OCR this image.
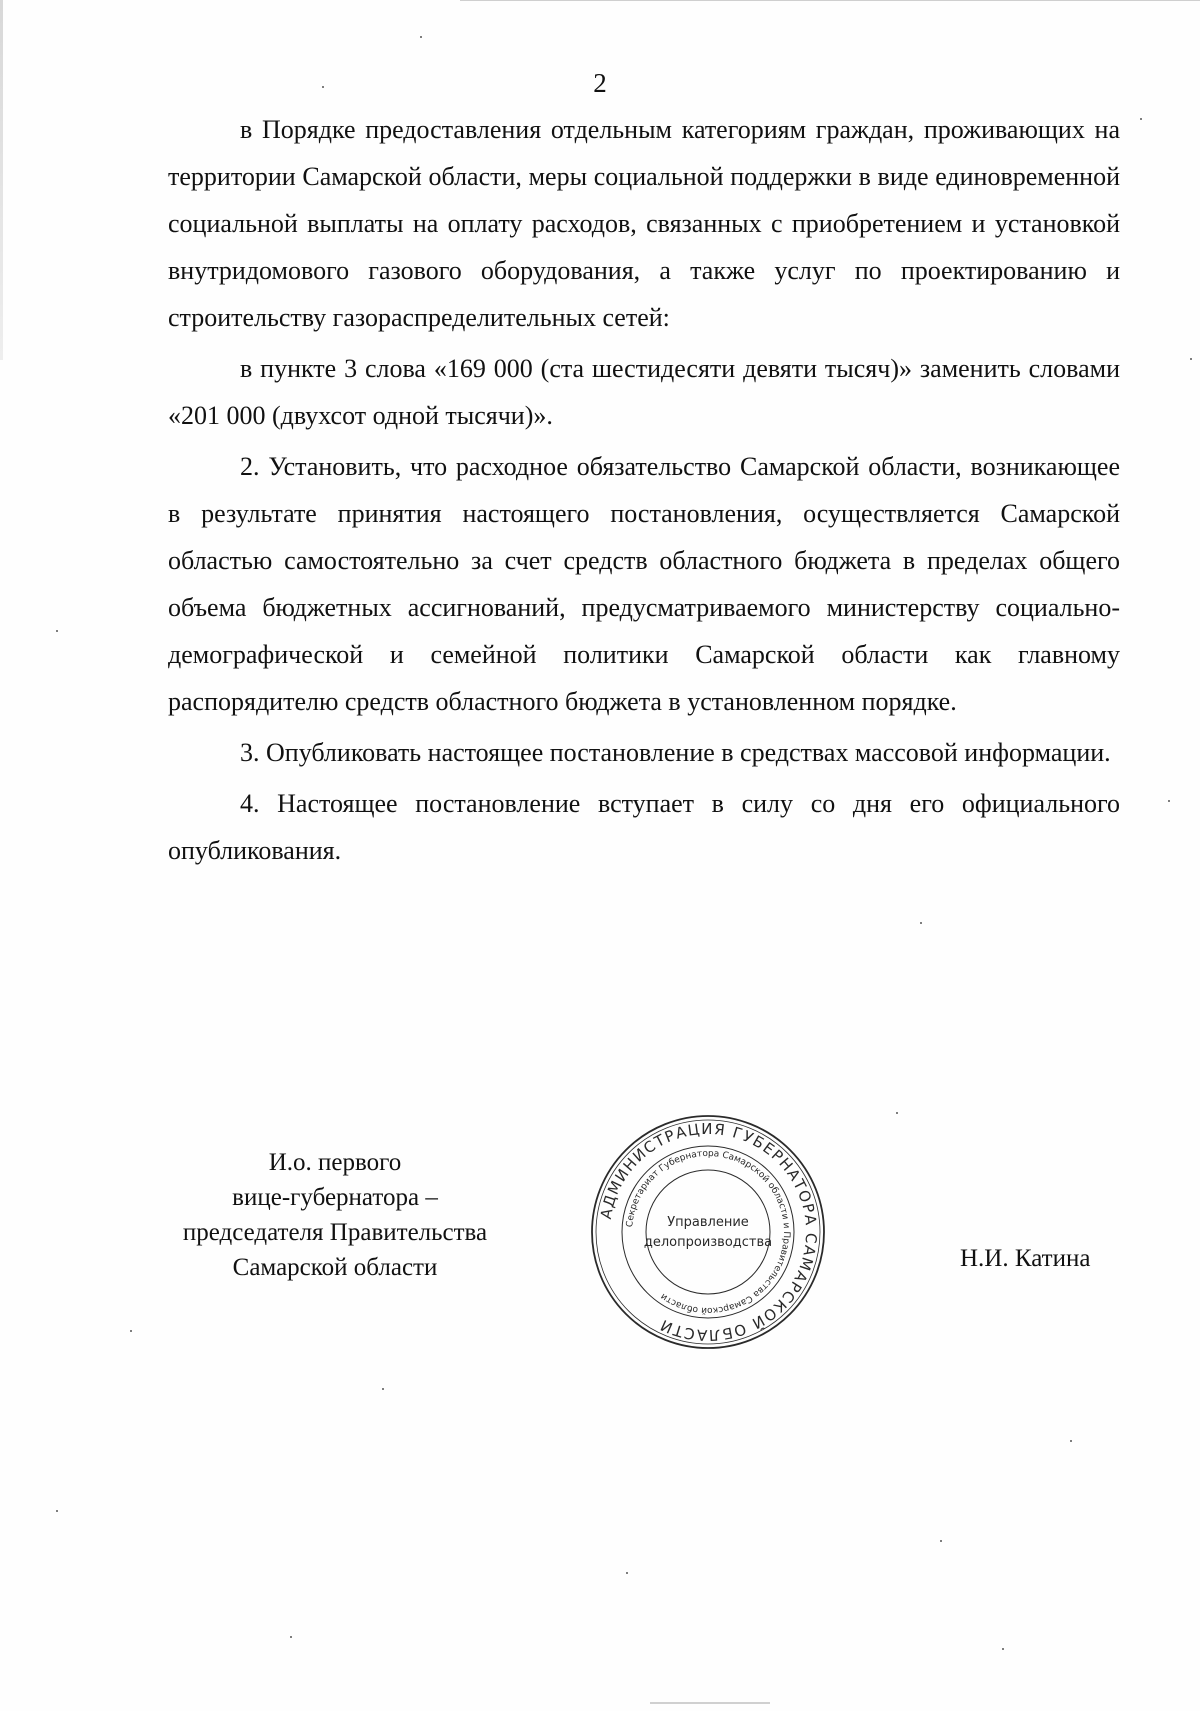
2

в Порядке предоставления отдельным категориям граждан, проживающих на территории Самарской области, меры социальной поддержки в виде единовременной социальной выплаты на оплату расходов, связанных с приобретением и установкой внутридомового газового оборудования, а также услуг по проектированию и строительству газораспределительных сетей:

в пункте 3 слова «169 000 (ста шестидесяти девяти тысяч)» заменить словами «201 000 (двухсот одной тысячи)».

2. Установить, что расходное обязательство Самарской области, возникающее в результате принятия настоящего постановления, осуществляется Самарской областью самостоятельно за счет средств областного бюджета в пределах общего объема бюджетных ассигнований, предусматриваемого министерству социально-демографической и семейной политики Самарской области как главному распорядителю средств областного бюджета в установленном порядке.

3. Опубликовать настоящее постановление в средствах массовой информации.

4. Настоящее постановление вступает в силу со дня его официального опубликования.

И.о. первого
вице-губернатора –
председателя Правительства
Самарской области
АДМИНИСТРАЦИЯ ГУБЕРНАТОРА САМАРСКОЙ ОБЛАСТИ
Секретариат Губернатора Самарской области и Правительства Самарской области
Управление
делопроизводства
Н.И. Катина
